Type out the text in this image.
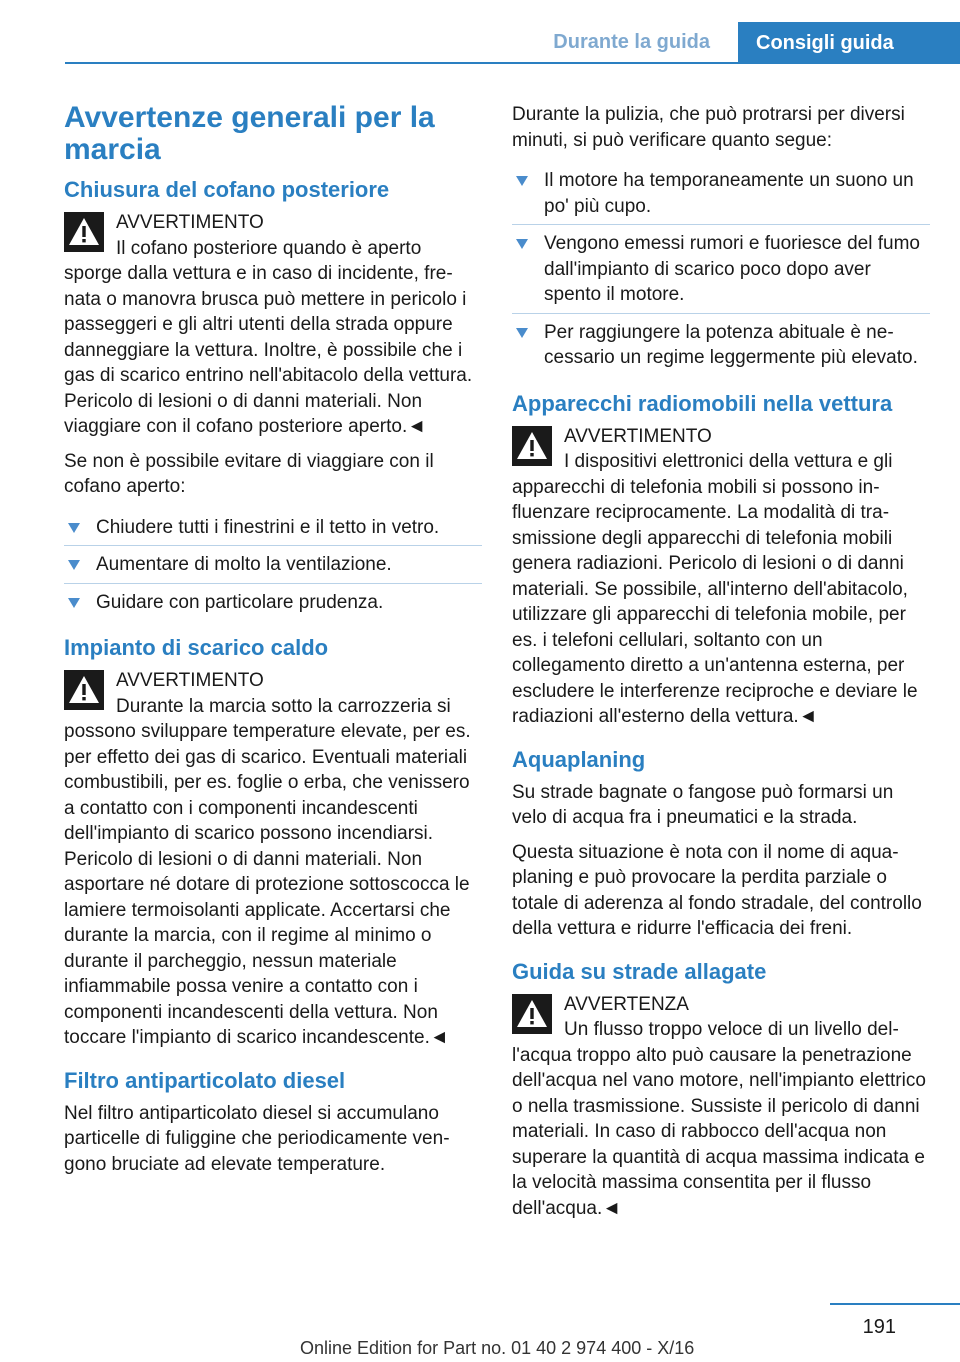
Durante la guida	Consigli guida
Avvertenze generali per la marcia
Chiusura del cofano posteriore
AVVERTIMENTO
Il cofano posteriore quando è aperto sporge dalla vettura e in caso di incidente, frenata o manovra brusca può mettere in pericolo i passeggeri e gli altri utenti della strada oppure danneggiare la vettura. Inoltre, è possibile che i gas di scarico entrino nell'abitacolo della vettura. Pericolo di lesioni o di danni materiali. Non viaggiare con il cofano posteriore aperto.◄

Se non è possibile evitare di viaggiare con il cofano aperto:

Chiudere tutti i finestrini e il tetto in vetro.
Aumentare di molto la ventilazione.
Guidare con particolare prudenza.
Impianto di scarico caldo
AVVERTIMENTO
Durante la marcia sotto la carrozzeria si possono sviluppare temperature elevate, per es. per effetto dei gas di scarico. Eventuali materiali combustibili, per es. foglie o erba, che venissero a contatto con i componenti incandescenti dell'impianto di scarico possono incendiarsi. Pericolo di lesioni o di danni materiali. Non asportare né dotare di protezione sottoscocca le lamiere termoisolanti applicate. Accertarsi che durante la marcia, con il regime al minimo o durante il parcheggio, nessun materiale infiammabile possa venire a contatto con i componenti incandescenti della vettura. Non toccare l'impianto di scarico incandescente.◄
Filtro antiparticolato diesel

Nel filtro antiparticolato diesel si accumulano particelle di fuliggine che periodicamente vengono bruciate ad elevate temperature.

Durante la pulizia, che può protrarsi per diversi minuti, si può verificare quanto segue:

Il motore ha temporaneamente un suono un po' più cupo.
Vengono emessi rumori e fuoriesce del fumo dall'impianto di scarico poco dopo aver spento il motore.
Per raggiungere la potenza abituale è necessario un regime leggermente più elevato.
Apparecchi radiomobili nella vettura
AVVERTIMENTO
I dispositivi elettronici della vettura e gli apparecchi di telefonia mobili si possono influenzare reciprocamente. La modalità di trasmissione degli apparecchi di telefonia mobili genera radiazioni. Pericolo di lesioni o di danni materiali. Se possibile, all'interno dell'abitacolo, utilizzare gli apparecchi di telefonia mobile, per es. i telefoni cellulari, soltanto con un collegamento diretto a un'antenna esterna, per escludere le interferenze reciproche e deviare le radiazioni all'esterno della vettura.◄
Aquaplaning

Su strade bagnate o fangose può formarsi un velo di acqua fra i pneumatici e la strada.

Questa situazione è nota con il nome di aquaplaning e può provocare la perdita parziale o totale di aderenza al fondo stradale, del controllo della vettura e ridurre l'efficacia dei freni.

Guida su strade allagate
AVVERTENZA
Un flusso troppo veloce di un livello dell'acqua troppo alto può causare la penetrazione dell'acqua nel vano motore, nell'impianto elettrico o nella trasmissione. Sussiste il pericolo di danni materiali. In caso di rabbocco dell'acqua non superare la quantità di acqua massima indicata e la velocità massima consentita per il flusso dell'acqua.◄
191
Online Edition for Part no. 01 40 2 974 400 - X/16
